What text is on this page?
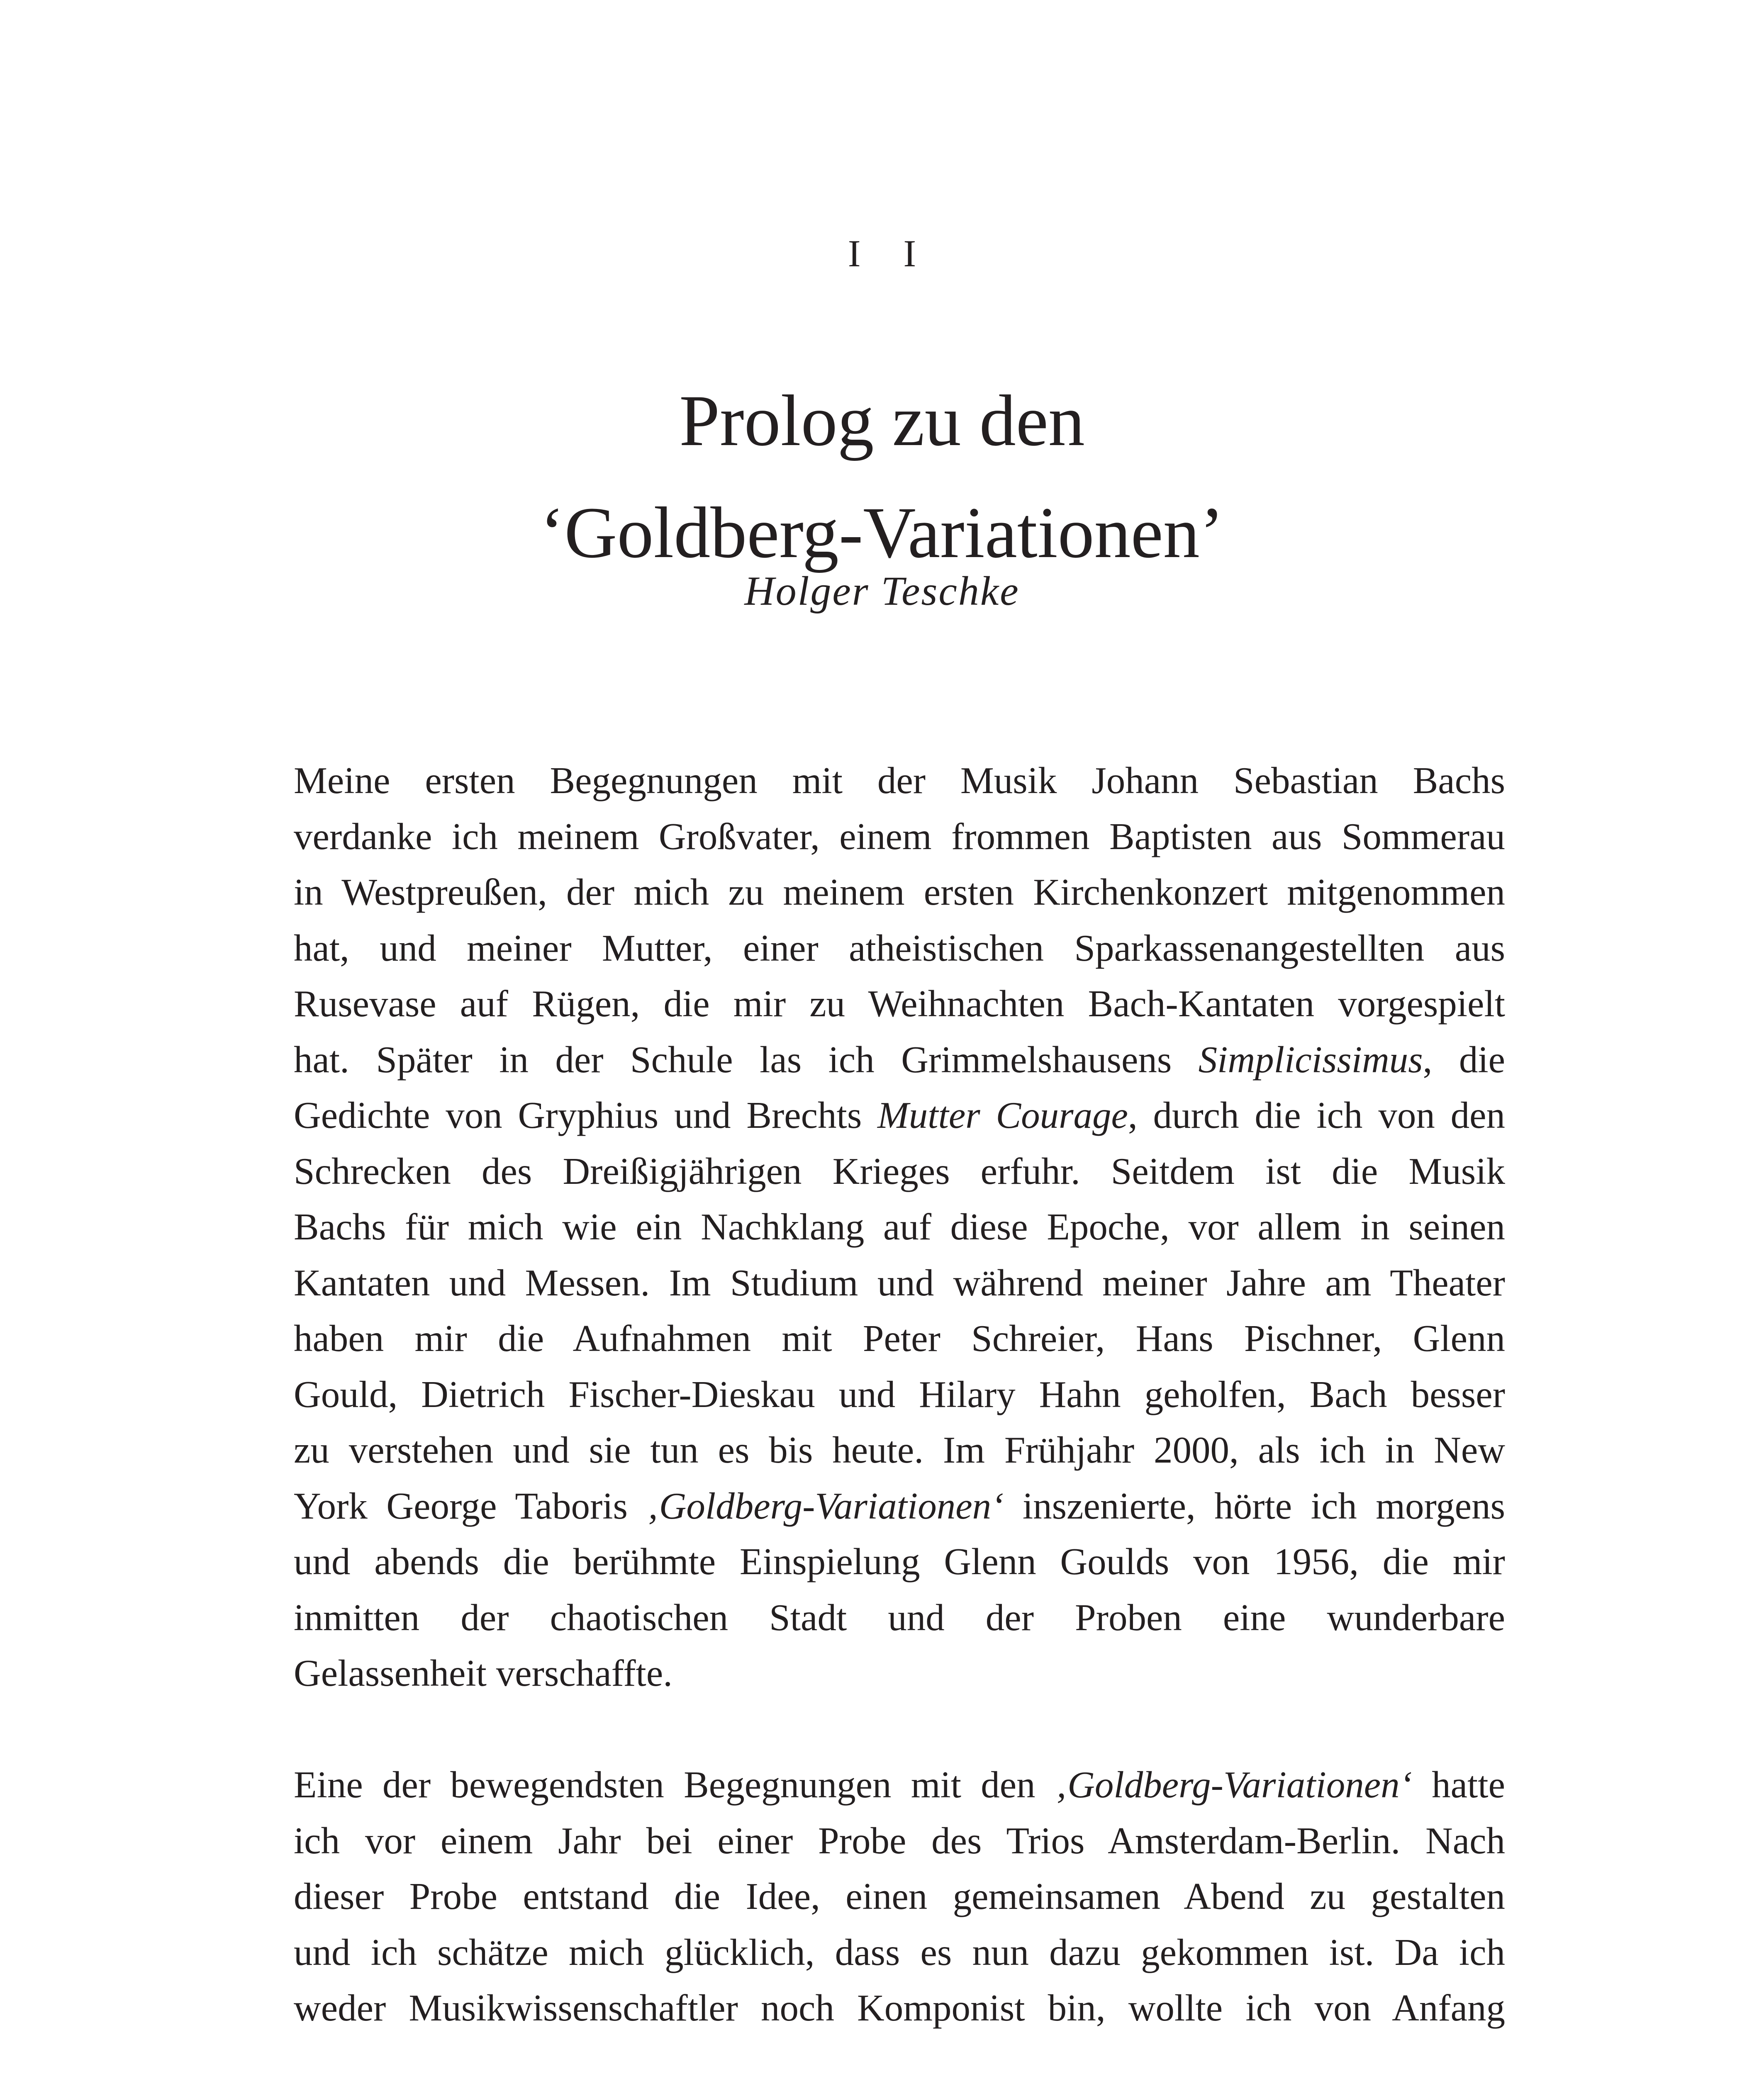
I I
Prolog zu den
‘Goldberg-Variationen’
Holger Teschke

Meine ersten Begegnungen mit der Musik Johann Sebastian Bachs
verdanke ich meinem Großvater, einem frommen Baptisten aus Sommerau
in Westpreußen, der mich zu meinem ersten Kirchenkonzert mitgenommen
hat, und meiner Mutter, einer atheistischen Sparkassenangestellten aus
Rusevase auf Rügen, die mir zu Weihnachten Bach-Kantaten vorgespielt
hat. Später in der Schule las ich Grimmelshausens Simplicissimus, die
Gedichte von Gryphius und Brechts Mutter Courage, durch die ich von den
Schrecken des Dreißigjährigen Krieges erfuhr. Seitdem ist die Musik
Bachs für mich wie ein Nachklang auf diese Epoche, vor allem in seinen
Kantaten und Messen. Im Studium und während meiner Jahre am Theater
haben mir die Aufnahmen mit Peter Schreier, Hans Pischner, Glenn
Gould, Dietrich Fischer-Dieskau und Hilary Hahn geholfen, Bach besser
zu verstehen und sie tun es bis heute. Im Frühjahr 2000, als ich in New
York George Taboris ‚Goldberg-Variationen‘ inszenierte, hörte ich morgens
und abends die berühmte Einspielung Glenn Goulds von 1956, die mir
inmitten der chaotischen Stadt und der Proben eine wunderbare
Gelassenheit verschaffte.

Eine der bewegendsten Begegnungen mit den ‚Goldberg-Variationen‘ hatte
ich vor einem Jahr bei einer Probe des Trios Amsterdam-Berlin. Nach
dieser Probe entstand die Idee, einen gemeinsamen Abend zu gestalten
und ich schätze mich glücklich, dass es nun dazu gekommen ist. Da ich
weder Musikwissenschaftler noch Komponist bin, wollte ich von Anfang
